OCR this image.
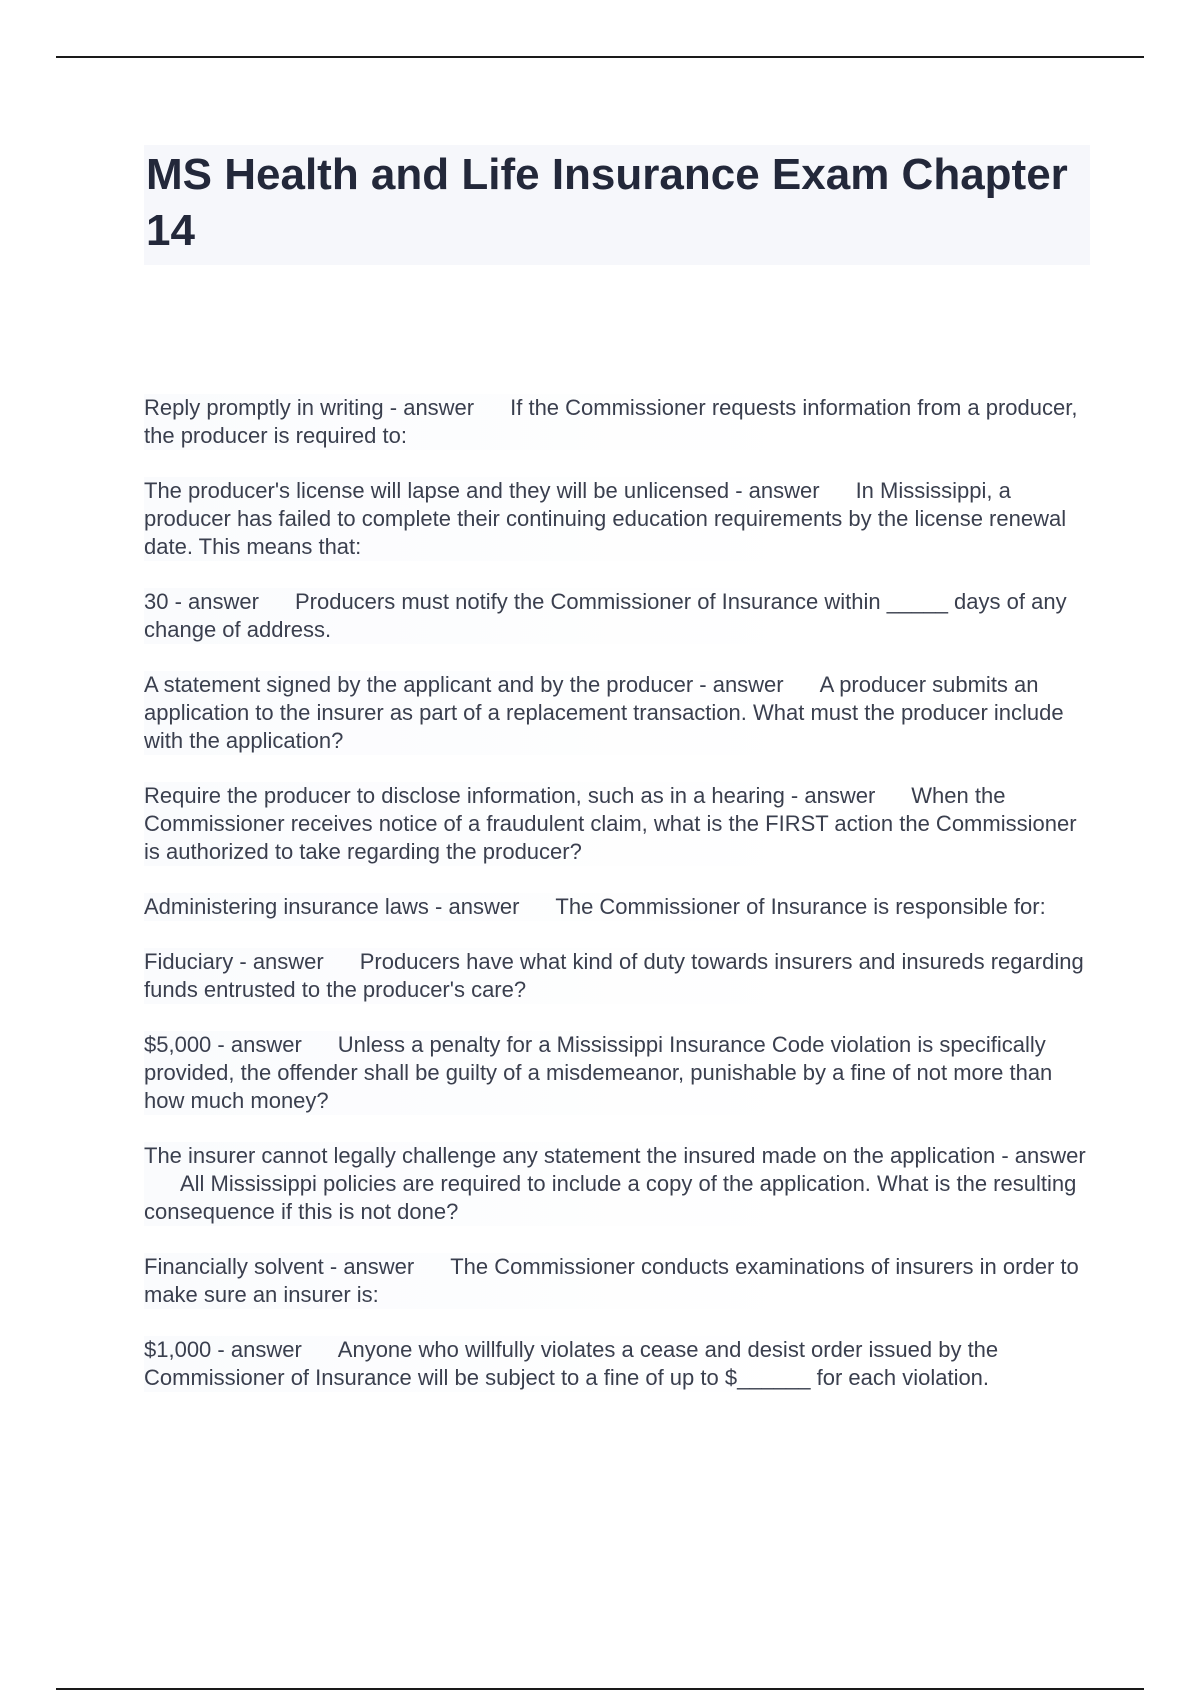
MS Health and Life Insurance Exam Chapter 14

Reply promptly in writing - answer If the Commissioner requests information from a producer, the producer is required to:

The producer's license will lapse and they will be unlicensed - answer In Mississippi, a producer has failed to complete their continuing education requirements by the license renewal date. This means that:

30 - answer Producers must notify the Commissioner of Insurance within _____ days of any change of address.

A statement signed by the applicant and by the producer - answer A producer submits an application to the insurer as part of a replacement transaction. What must the producer include with the application?

Require the producer to disclose information, such as in a hearing - answer When the Commissioner receives notice of a fraudulent claim, what is the FIRST action the Commissioner is authorized to take regarding the producer?

Administering insurance laws - answer The Commissioner of Insurance is responsible for:

Fiduciary - answer Producers have what kind of duty towards insurers and insureds regarding funds entrusted to the producer's care?

$5,000 - answer Unless a penalty for a Mississippi Insurance Code violation is specifically provided, the offender shall be guilty of a misdemeanor, punishable by a fine of not more than how much money?

The insurer cannot legally challenge any statement the insured made on the application - answerAll Mississippi policies are required to include a copy of the application. What is the resulting consequence if this is not done?

Financially solvent - answer The Commissioner conducts examinations of insurers in order to make sure an insurer is:

$1,000 - answer Anyone who willfully violates a cease and desist order issued by the Commissioner of Insurance will be subject to a fine of up to $______ for each violation.
